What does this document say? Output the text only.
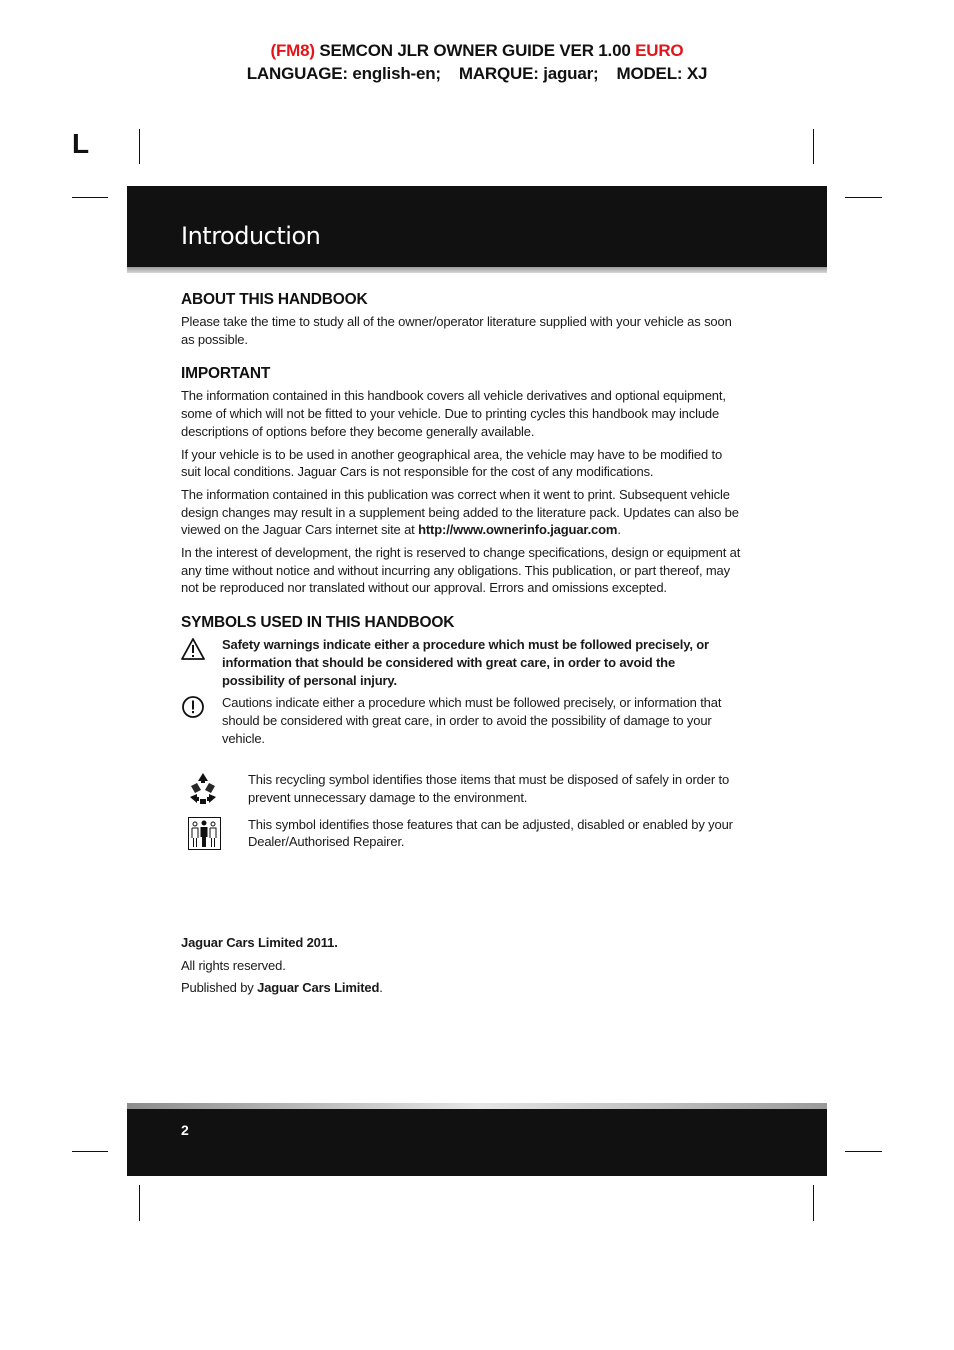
(FM8) SEMCON JLR OWNER GUIDE VER 1.00 EURO
LANGUAGE: english-en; MARQUE: jaguar; MODEL: XJ
L
Introduction
ABOUT THIS HANDBOOK

Please take the time to study all of the owner/operator literature supplied with your vehicle as soon as possible.

IMPORTANT

The information contained in this handbook covers all vehicle derivatives and optional equipment, some of which will not be fitted to your vehicle. Due to printing cycles this handbook may include descriptions of options before they become generally available.

If your vehicle is to be used in another geographical area, the vehicle may have to be modified to suit local conditions. Jaguar Cars is not responsible for the cost of any modifications.

The information contained in this publication was correct when it went to print. Subsequent vehicle design changes may result in a supplement being added to the literature pack. Updates can also be viewed on the Jaguar Cars internet site at http://www.ownerinfo.jaguar.com.

In the interest of development, the right is reserved to change specifications, design or equipment at any time without notice and without incurring any obligations. This publication, or part thereof, may not be reproduced nor translated without our approval. Errors and omissions excepted.

SYMBOLS USED IN THIS HANDBOOK

Safety warnings indicate either a procedure which must be followed precisely, or information that should be considered with great care, in order to avoid the possibility of personal injury.

Cautions indicate either a procedure which must be followed precisely, or information that should be considered with great care, in order to avoid the possibility of damage to your vehicle.

This recycling symbol identifies those items that must be disposed of safely in order to prevent unnecessary damage to the environment.

This symbol identifies those features that can be adjusted, disabled or enabled by your Dealer/Authorised Repairer.

Jaguar Cars Limited 2011.
All rights reserved.
Published by Jaguar Cars Limited.
2
